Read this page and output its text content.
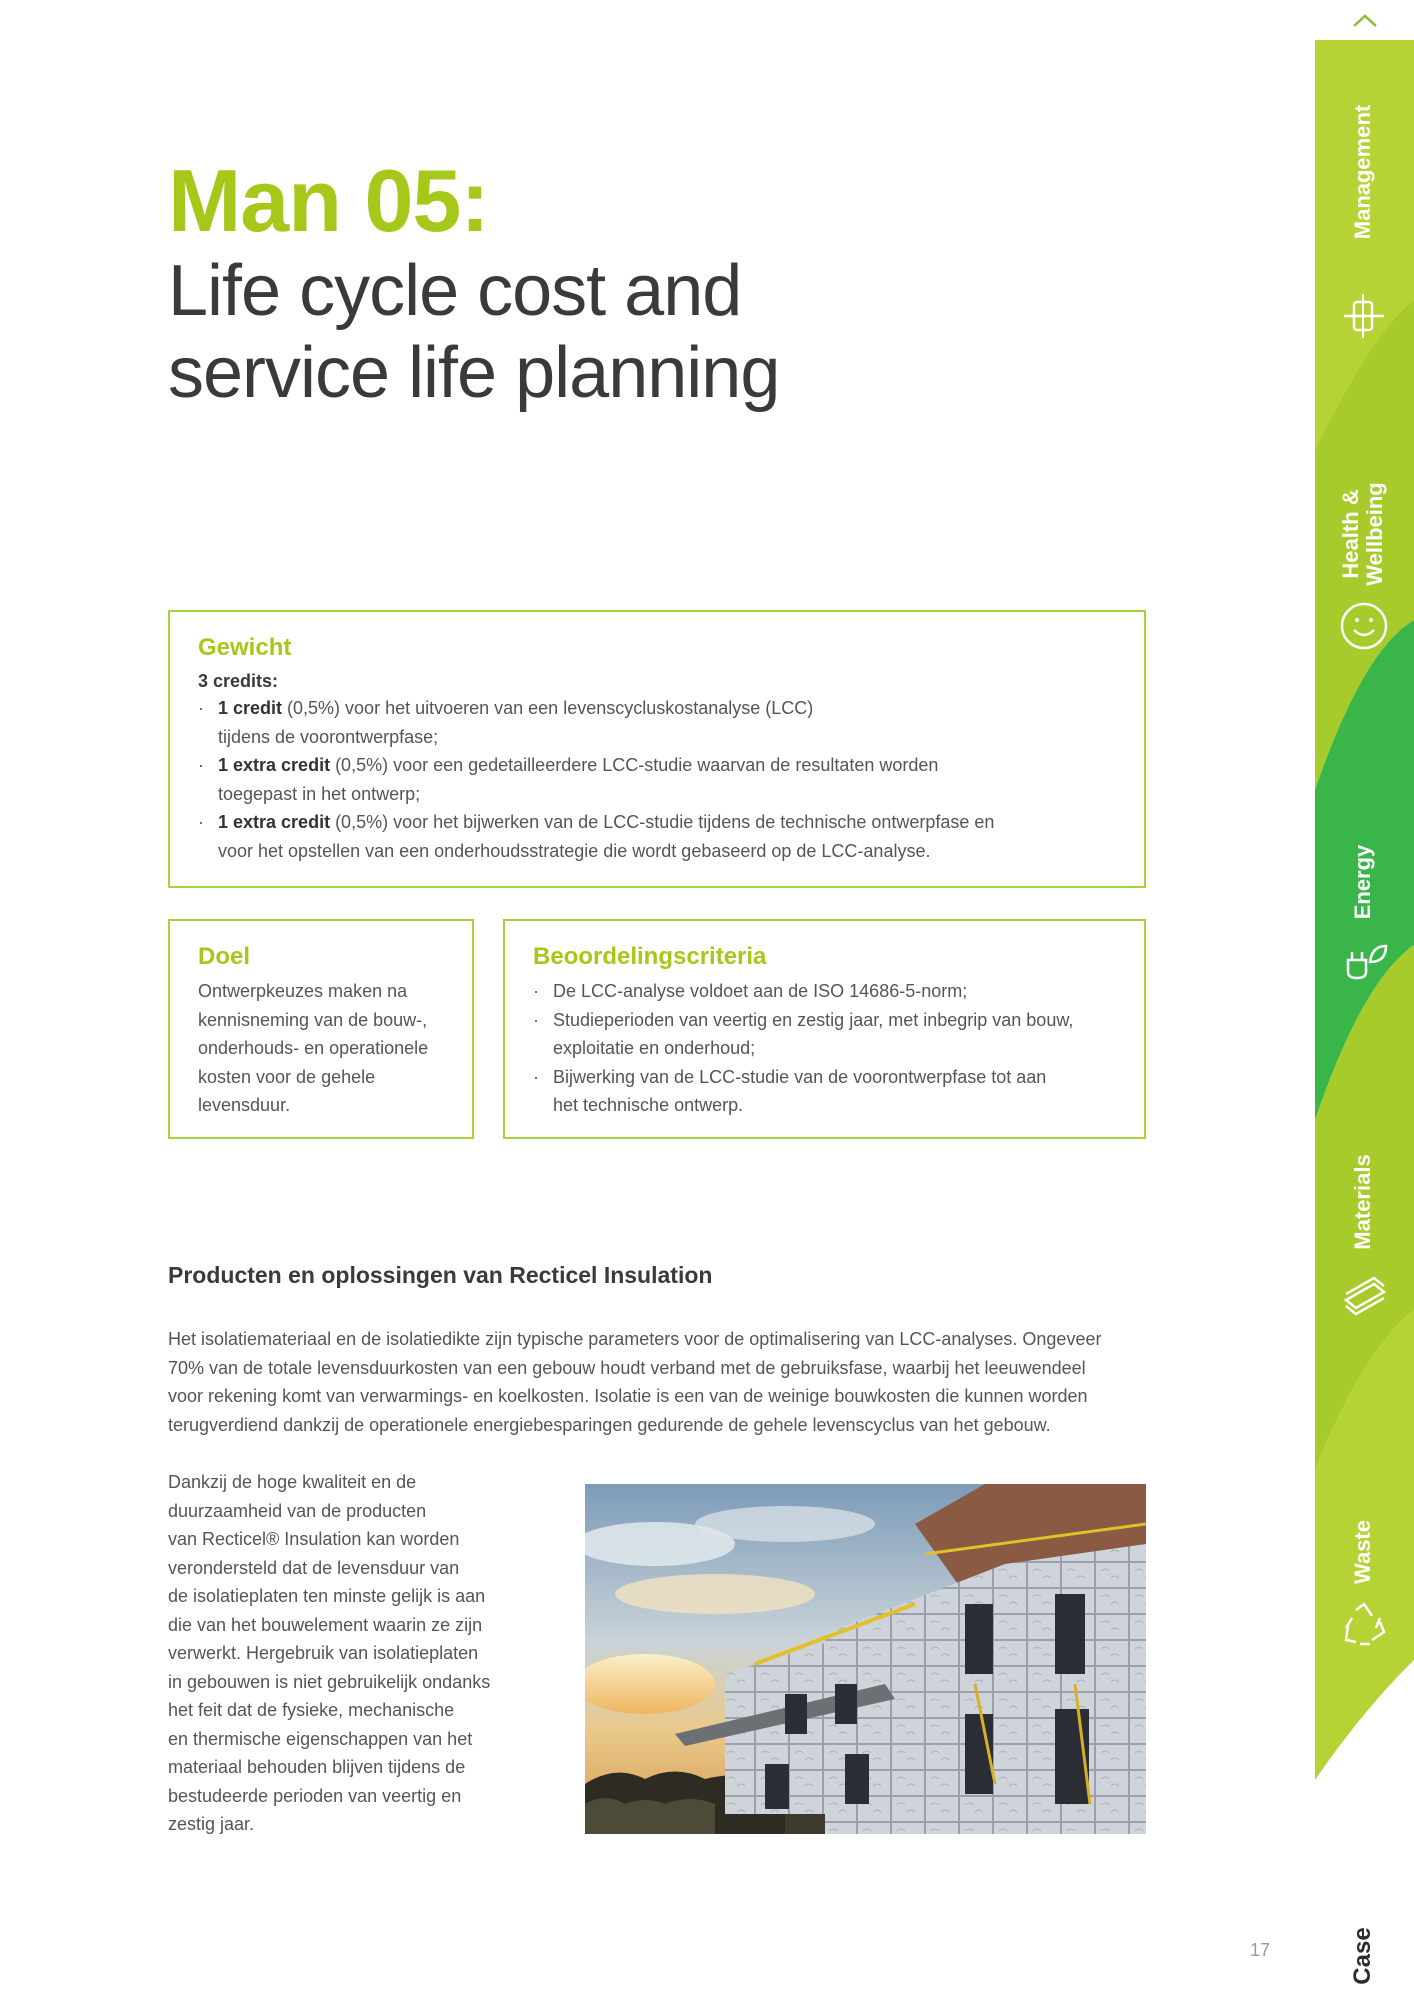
Man 05:
Life cycle cost and
service life planning
Gewicht
3 credits:
· 1 credit (0,5%) voor het uitvoeren van een levenscycluskostanalyse (LCC)
tijdens de voorontwerpfase;
· 1 extra credit (0,5%) voor een gedetailleerdere LCC-studie waarvan de resultaten worden
toegepast in het ontwerp;
· 1 extra credit (0,5%) voor het bijwerken van de LCC-studie tijdens de technische ontwerpfase en
voor het opstellen van een onderhoudsstrategie die wordt gebaseerd op de LCC-analyse.
Doel

Ontwerpkeuzes maken na
kennisneming van de bouw-,
onderhouds- en operationele
kosten voor de gehele
levensduur.

Beoordelingscriteria
· De LCC-analyse voldoet aan de ISO 14686-5-norm;
· Studieperioden van veertig en zestig jaar, met inbegrip van bouw,
exploitatie en onderhoud;
· Bijwerking van de LCC-studie van de voorontwerpfase tot aan
het technische ontwerp.
Producten en oplossingen van Recticel Insulation
Het isolatiemateriaal en de isolatiedikte zijn typische parameters voor de optimalisering van LCC-analyses. Ongeveer
70% van de totale levensduurkosten van een gebouw houdt verband met de gebruiksfase, waarbij het leeuwendeel
voor rekening komt van verwarmings- en koelkosten. Isolatie is een van de weinige bouwkosten die kunnen worden
terugverdiend dankzij de operationele energiebesparingen gedurende de gehele levenscyclus van het gebouw.
Dankzij de hoge kwaliteit en de
duurzaamheid van de producten
van Recticel® Insulation kan worden
verondersteld dat de levensduur van
de isolatieplaten ten minste gelijk is aan
die van het bouwelement waarin ze zijn
verwerkt. Hergebruik van isolatieplaten
in gebouwen is niet gebruikelijk ondanks
het feit dat de fysieke, mechanische
en thermische eigenschappen van het
materiaal behouden blijven tijdens de
bestudeerde perioden van veertig en
zestig jaar.
17
Management
Health &
Wellbeing
Energy
Materials
Waste
Case
